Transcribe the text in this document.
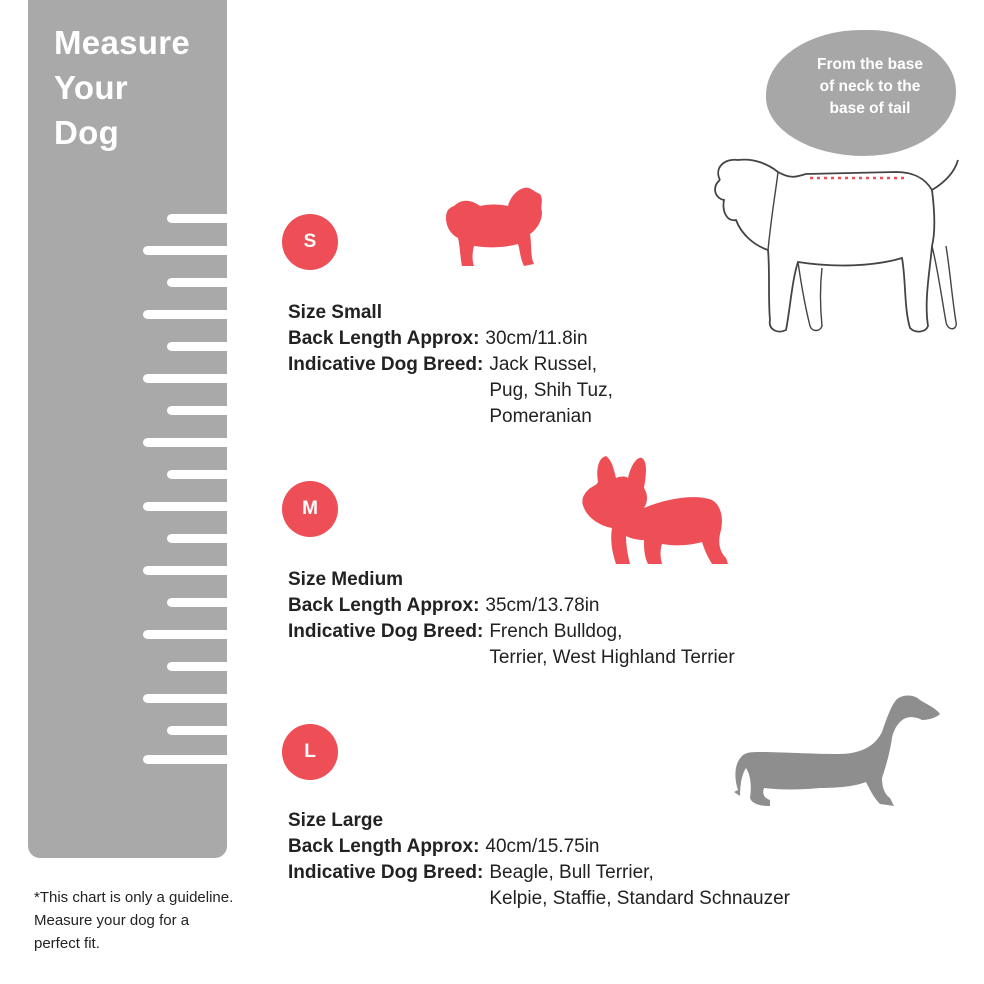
Measure
Your
Dog
*This chart is only a guideline. Measure your dog for a perfect fit.
From the base
of neck to the
base of tail
S
Size Small
Back Length Approx: 30cm/11.8in
Indicative Dog Breed: Jack Russel,
Pug, Shih Tuz,
Pomeranian
M
Size Medium
Back Length Approx: 35cm/13.78in
Indicative Dog Breed: French Bulldog,
Terrier, West Highland Terrier
L
Size Large
Back Length Approx: 40cm/15.75in
Indicative Dog Breed: Beagle, Bull Terrier,
Kelpie, Staffie, Standard Schnauzer
